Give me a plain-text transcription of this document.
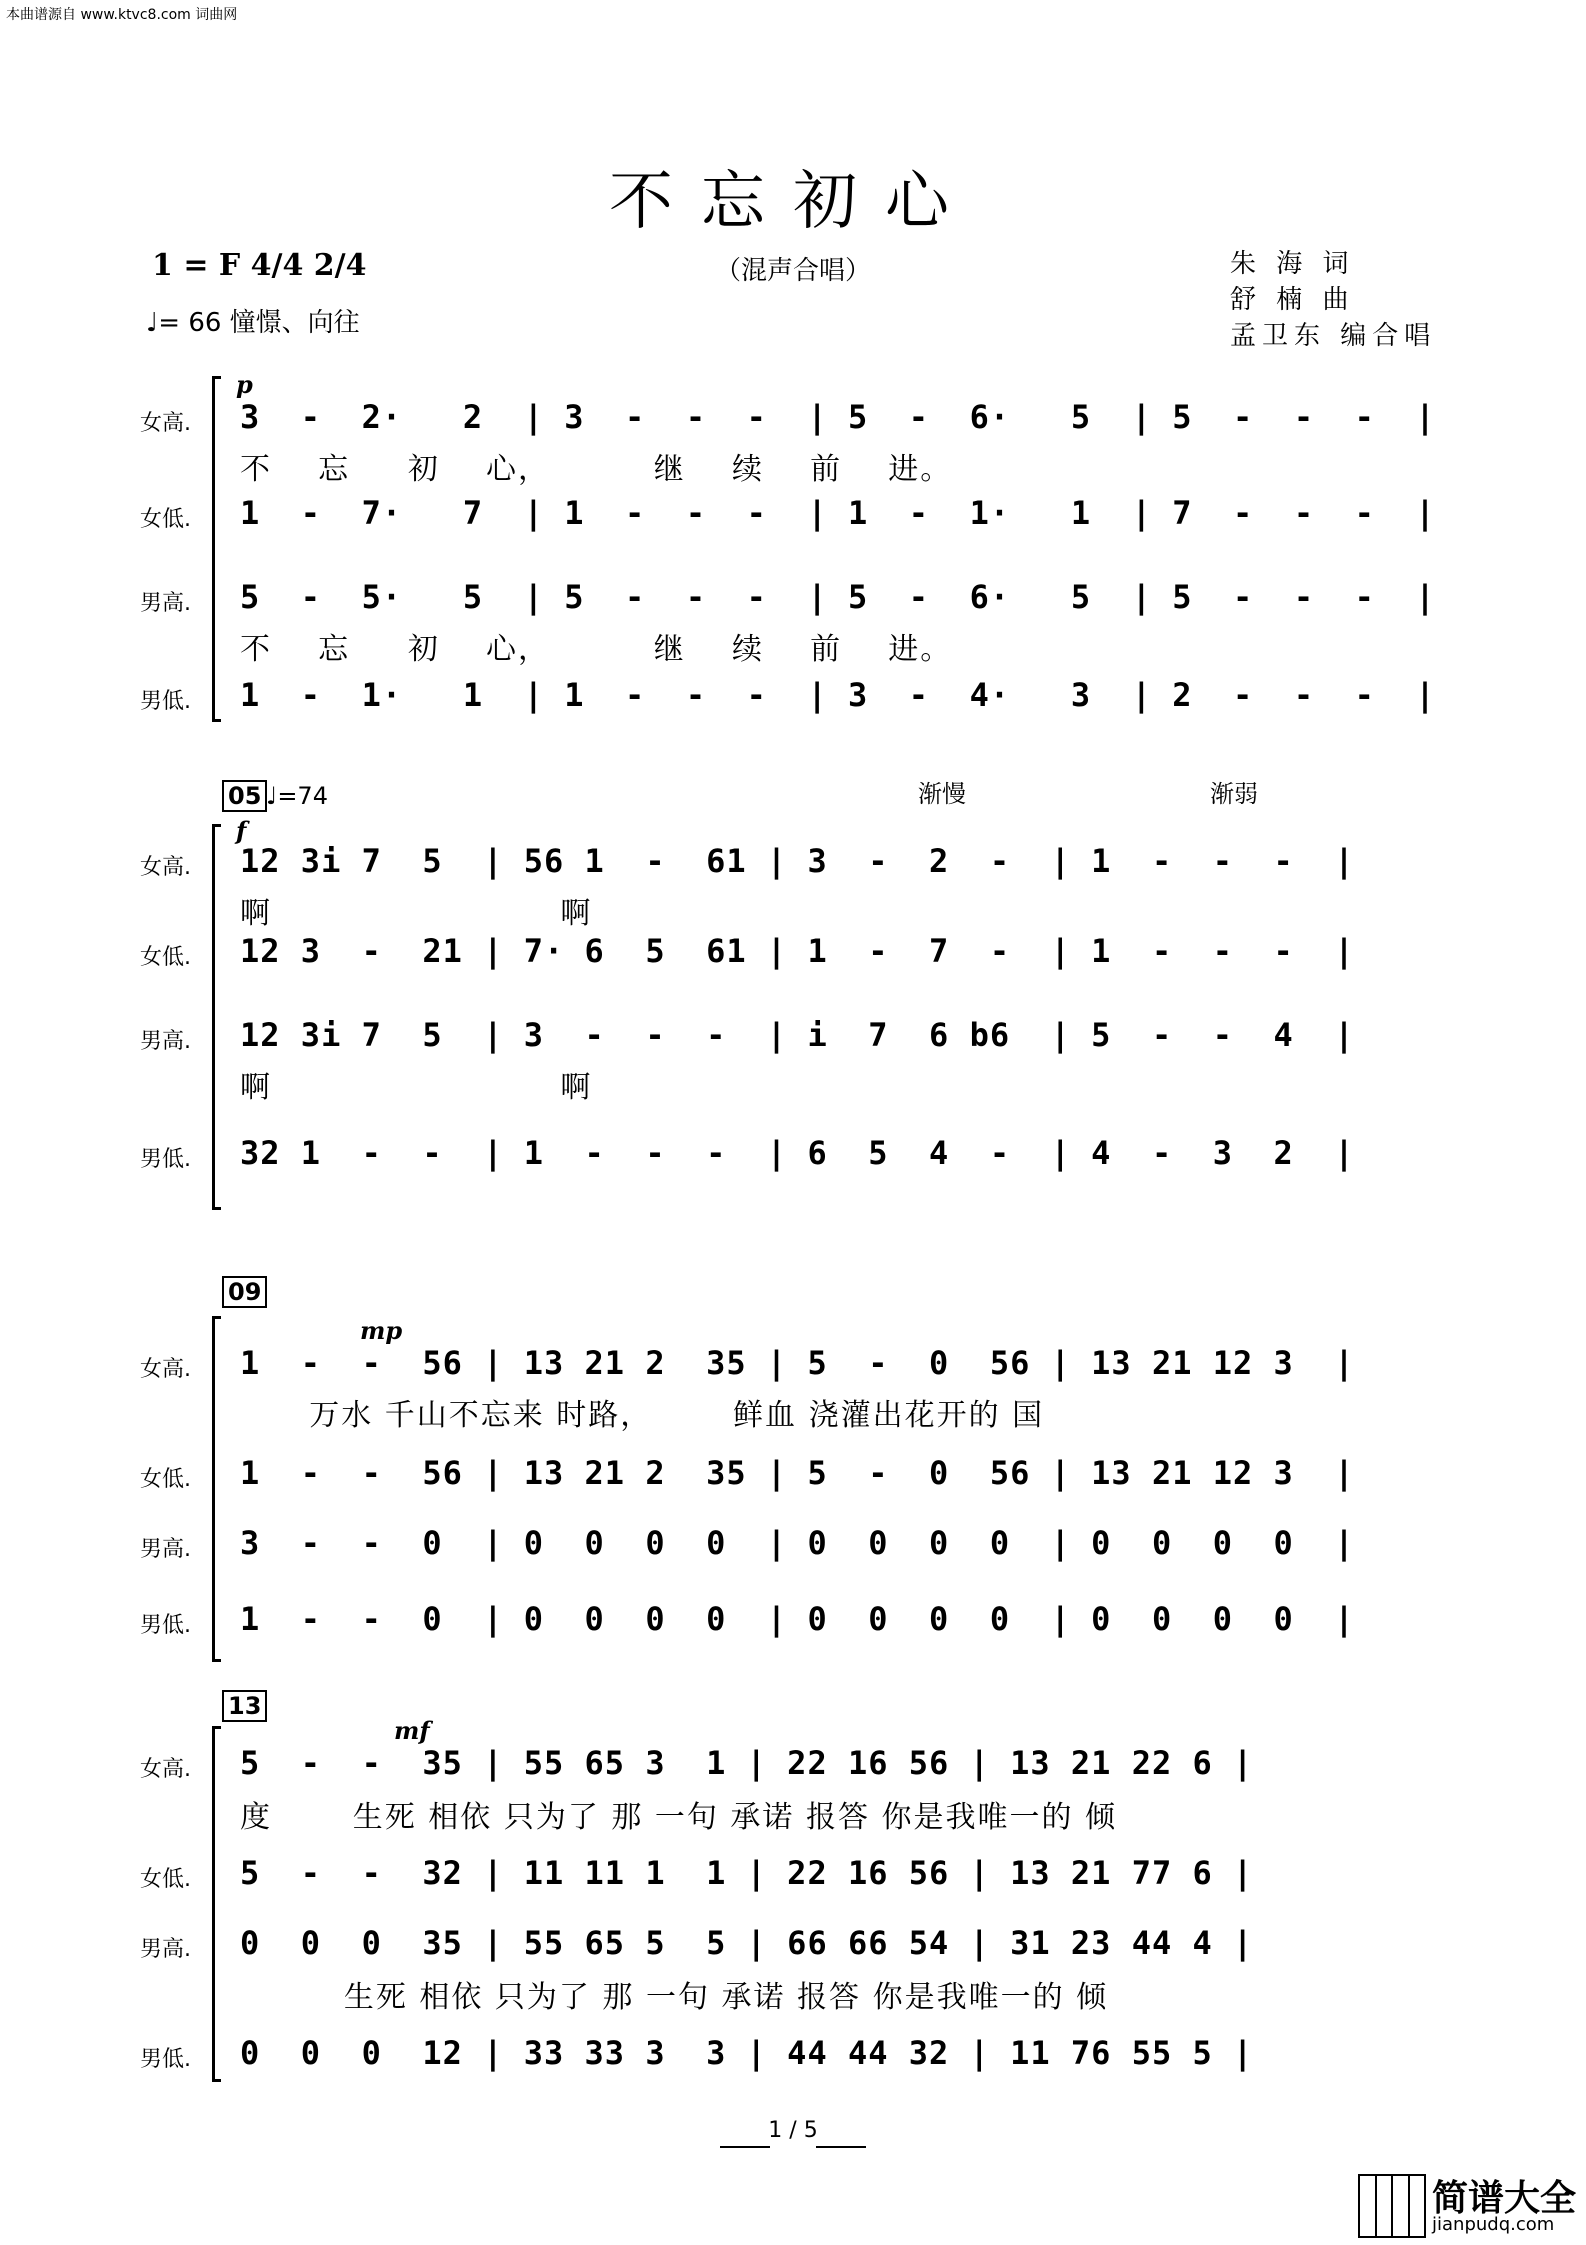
本曲谱源自 www.ktvc8.com 词曲网
不忘初心
（混声合唱）
1 = F 4/4 2/4
♩= 66 憧憬、向往
朱 海 词
舒 楠 曲
孟卫东 编合唱
p
女高. 3  -  2·   2  | 3  -  -  -  | 5  -  6·   5  | 5  -  -  -  |
不    忘     初    心，         继    续    前    进。
女低. 1  -  7·   7  | 1  -  -  -  | 1  -  1·   1  | 7  -  -  -  |
男高. 5  -  5·   5  | 5  -  -  -  | 5  -  6·   5  | 5  -  -  -  |
不    忘     初    心，         继    续    前    进。
男低. 1  -  1·   1  | 1  -  -  -  | 3  -  4·   3  | 2  -  -  -  |
05 ♩=74	渐慢	渐弱
f
女高. 12 3i 7  5  | 56 1  -  61 | 3  -  2  -  | 1  -  -  -  |
啊                         啊
女低. 12 3  -  21 | 7· 6  5  61 | 1  -  7  -  | 1  -  -  -  |
男高. 12 3i 7  5  | 3  -  -  -  | i  7  6 b6  | 5  -  -  4  |
啊                         啊
男低. 32 1  -  -  | 1  -  -  -  | 6  5  4  -  | 4  -  3  2  |
09
mp
女高. 1  -  -  56 | 13 21 2  35 | 5  -  0  56 | 13 21 12 3  |
万水 千山不忘来 时路，       鲜血 浇灌出花开的 国
女低. 1  -  -  56 | 13 21 2  35 | 5  -  0  56 | 13 21 12 3  |
男高. 3  -  -  0  | 0  0  0  0  | 0  0  0  0  | 0  0  0  0  |
男低. 1  -  -  0  | 0  0  0  0  | 0  0  0  0  | 0  0  0  0  |
13
mf
女高. 5  -  -  35 | 55 65 3  1 | 22 16 56 | 13 21 22 6 |
度       生死 相依 只为了 那 一句 承诺 报答 你是我唯一的 倾
女低. 5  -  -  32 | 11 11 1  1 | 22 16 56 | 13 21 77 6 |
男高. 0  0  0  35 | 55 65 5  5 | 66 66 54 | 31 23 44 4 |
生死 相依 只为了 那 一句 承诺 报答 你是我唯一的 倾
男低. 0  0  0  12 | 33 33 3  3 | 44 44 32 | 11 76 55 5 |
1 / 5
简谱大全
jianpudq.com
